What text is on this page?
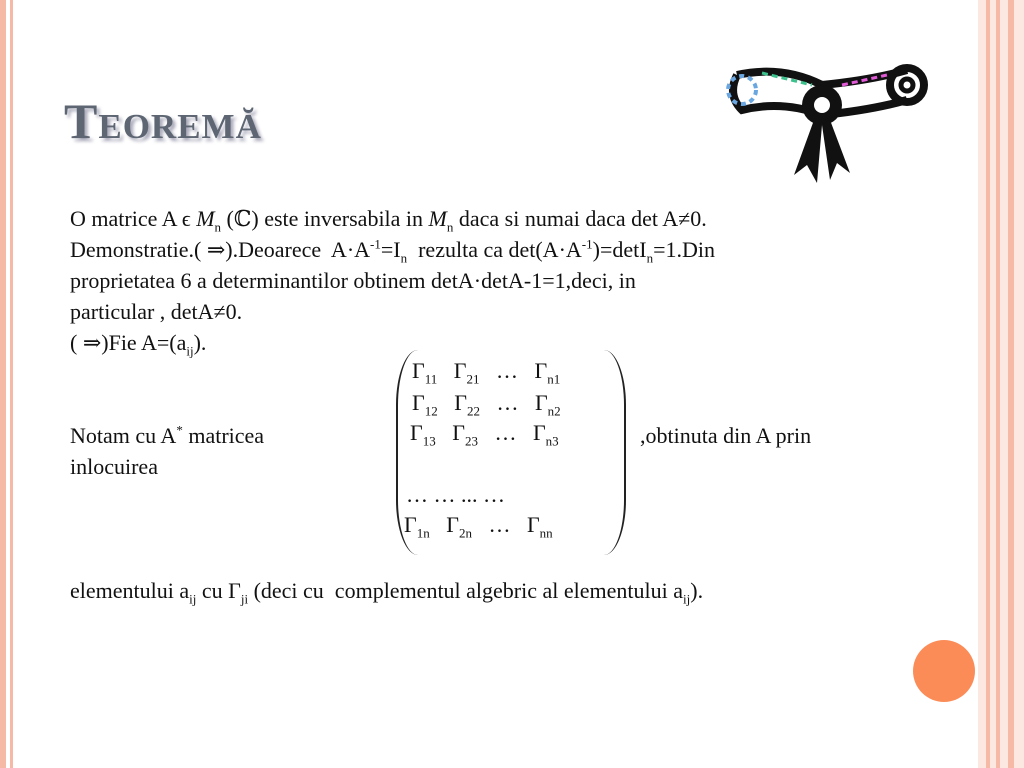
Teoremă
O matrice A ϵ $M_n$ (ℂ) este inversabila in $M_n$ daca si numai daca det A≠0.
Demonstratie.( ⇒).Deoarece  $A\cdot A^{-1}=I_n$  rezulta ca $\det(A\cdot A^{-1})=\det I_n=1.Din$
proprietatea 6 a determinantilor obtinem detA·detA-1=1,deci, in
particular , detA≠0.
( ⇒)Fie $A=(a_{ij})$.
Notam cu A* matricea
inlocuirea
$\Gamma_{11}$   $\Gamma_{21}$   …   $\Gamma_{n1}$
$\Gamma_{12}$   $\Gamma_{22}$   …   $\Gamma_{n2}$
$\Gamma_{13}$   $\Gamma_{23}$   …   $\Gamma_{n3}$
… … ... …
$\Gamma_{1n}$   $\Gamma_{2n}$   …   $\Gamma_{nn}$
,obtinuta din A prin
elementului $a_{ij}$ cu $\Gamma_{ji}$ (deci cu  complementul algebric al elementului $a_{ij}$).
